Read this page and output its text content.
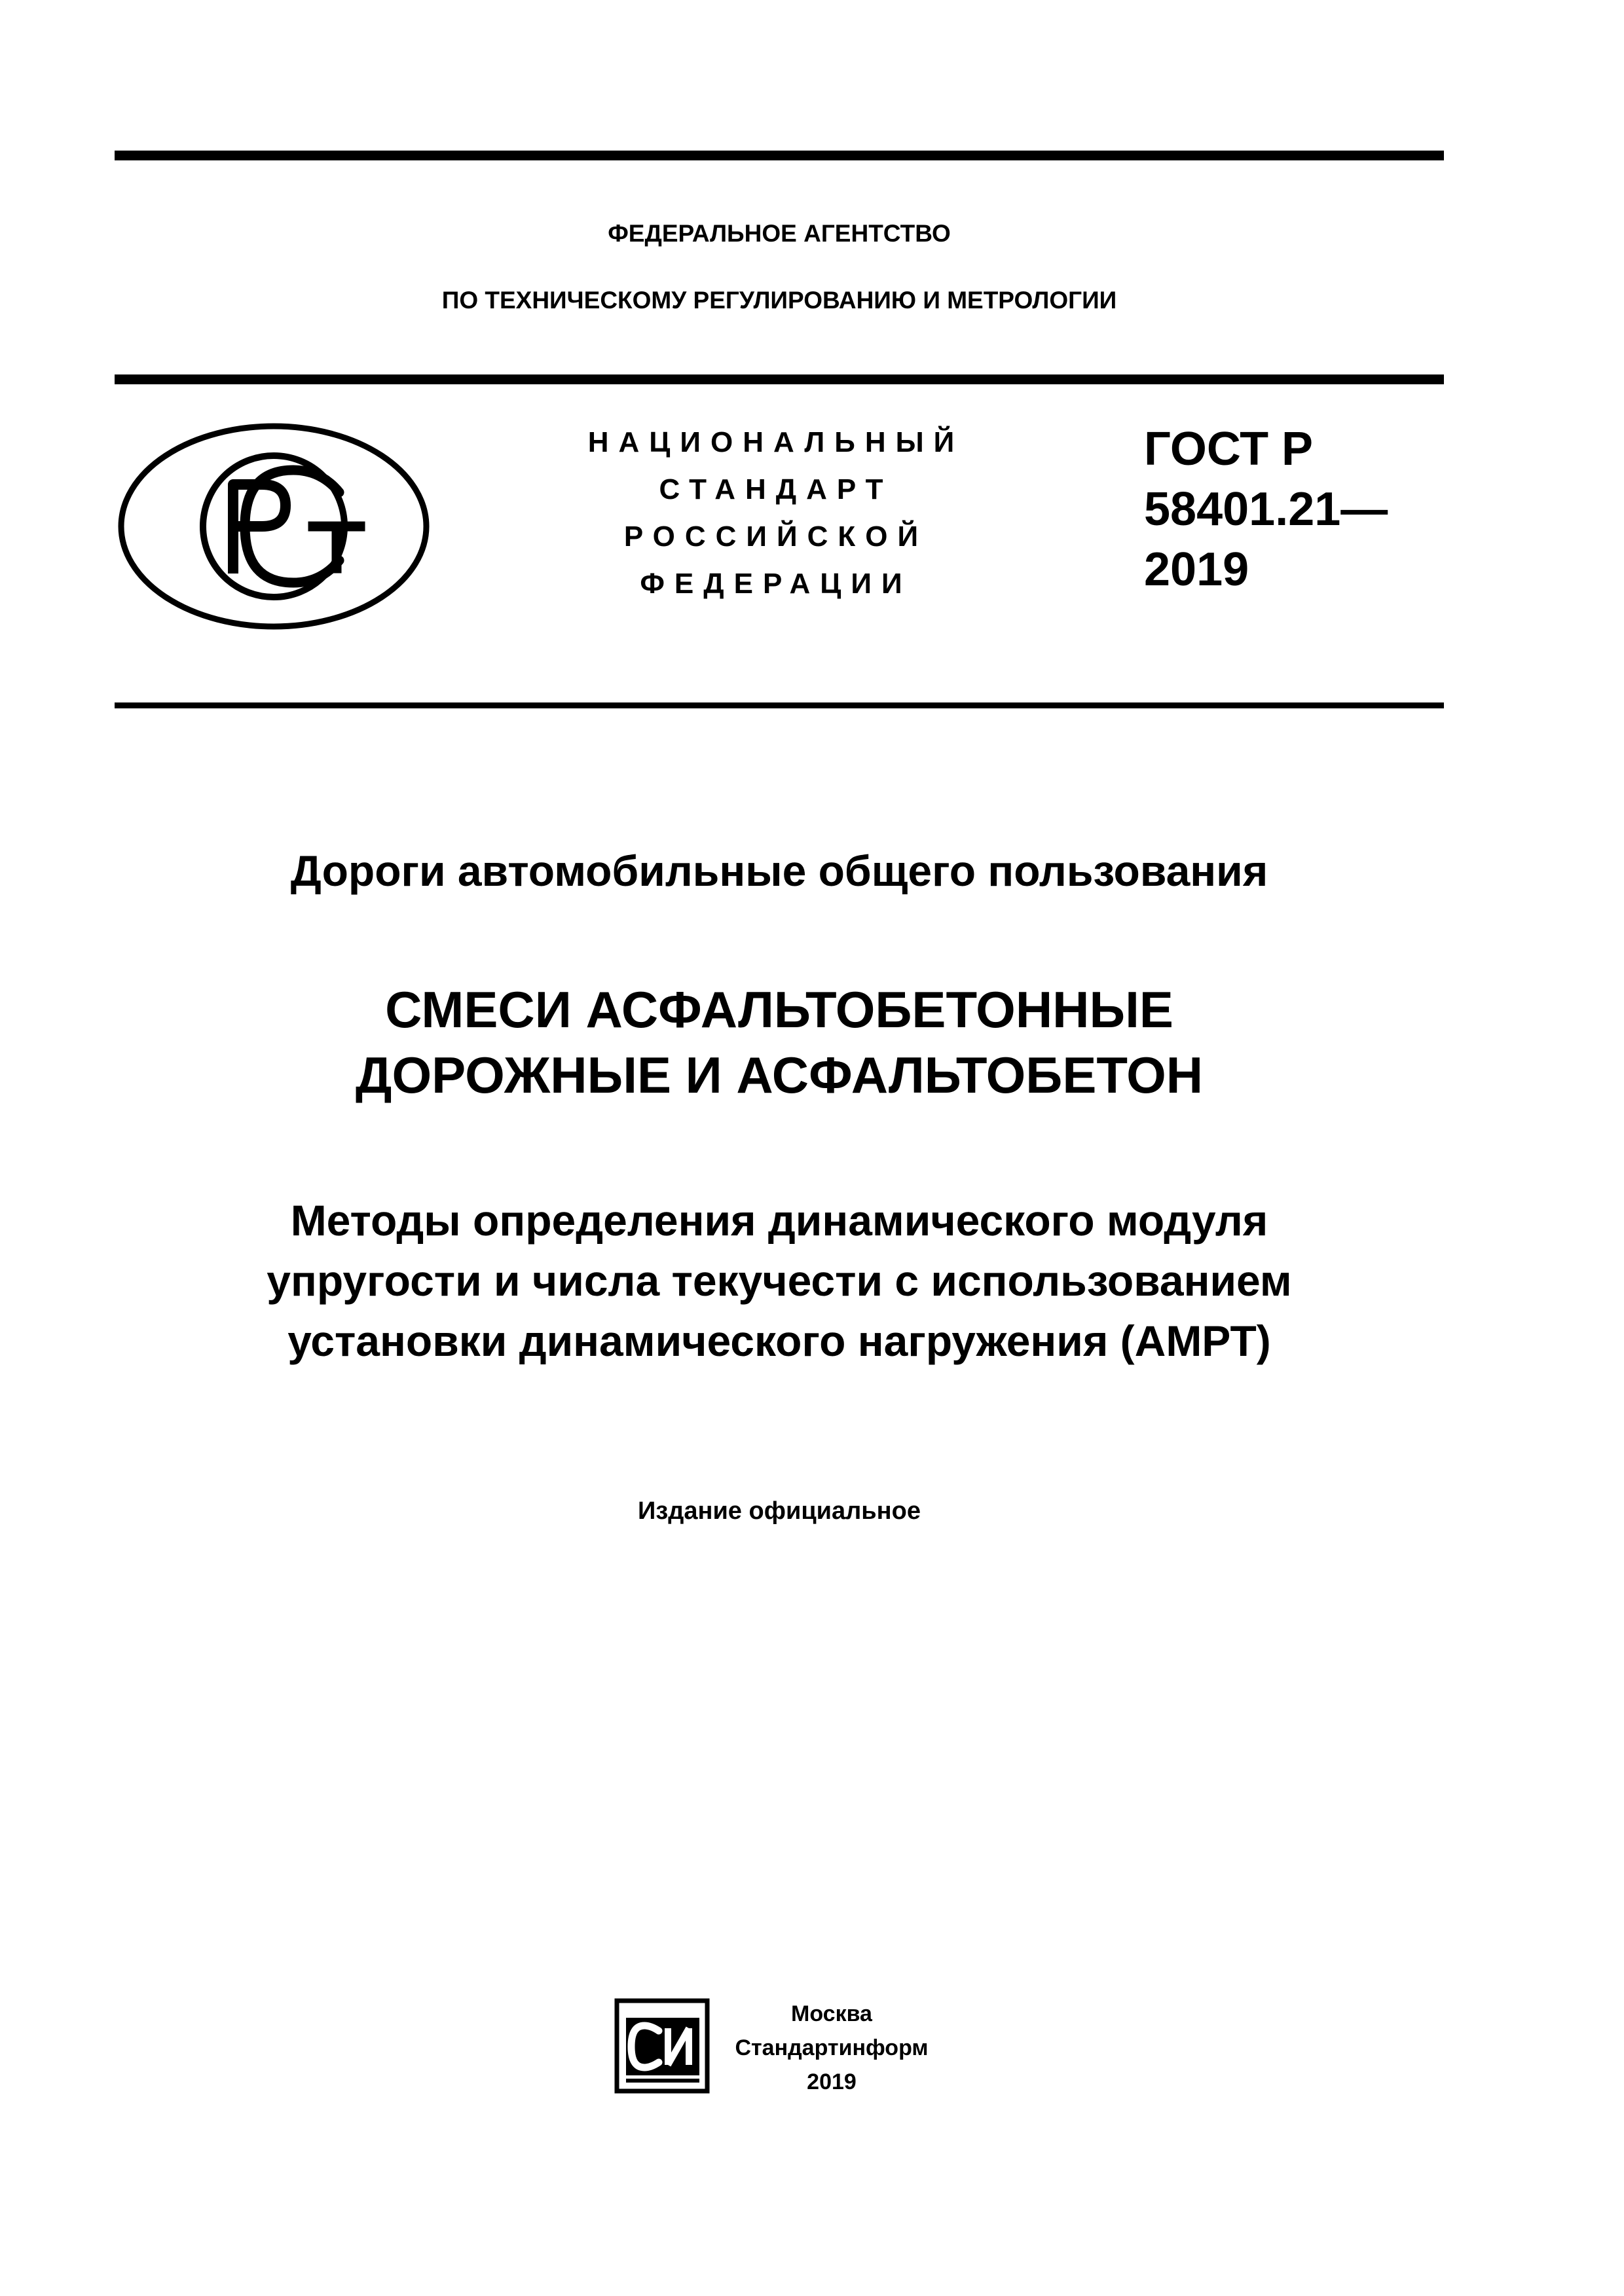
ФЕДЕРАЛЬНОЕ АГЕНТСТВО
ПО ТЕХНИЧЕСКОМУ РЕГУЛИРОВАНИЮ И МЕТРОЛОГИИ
НАЦИОНАЛЬНЫЙ
СТАНДАРТ
РОССИЙСКОЙ
ФЕДЕРАЦИИ
ГОСТ Р
58401.21—
2019
Дороги автомобильные общего пользования
СМЕСИ АСФАЛЬТОБЕТОННЫЕ
ДОРОЖНЫЕ И АСФАЛЬТОБЕТОН
Методы определения динамического модуля
упругости и числа текучести с использованием
установки динамического нагружения (АМРТ)
Издание официальное
Москва
Стандартинформ
2019
